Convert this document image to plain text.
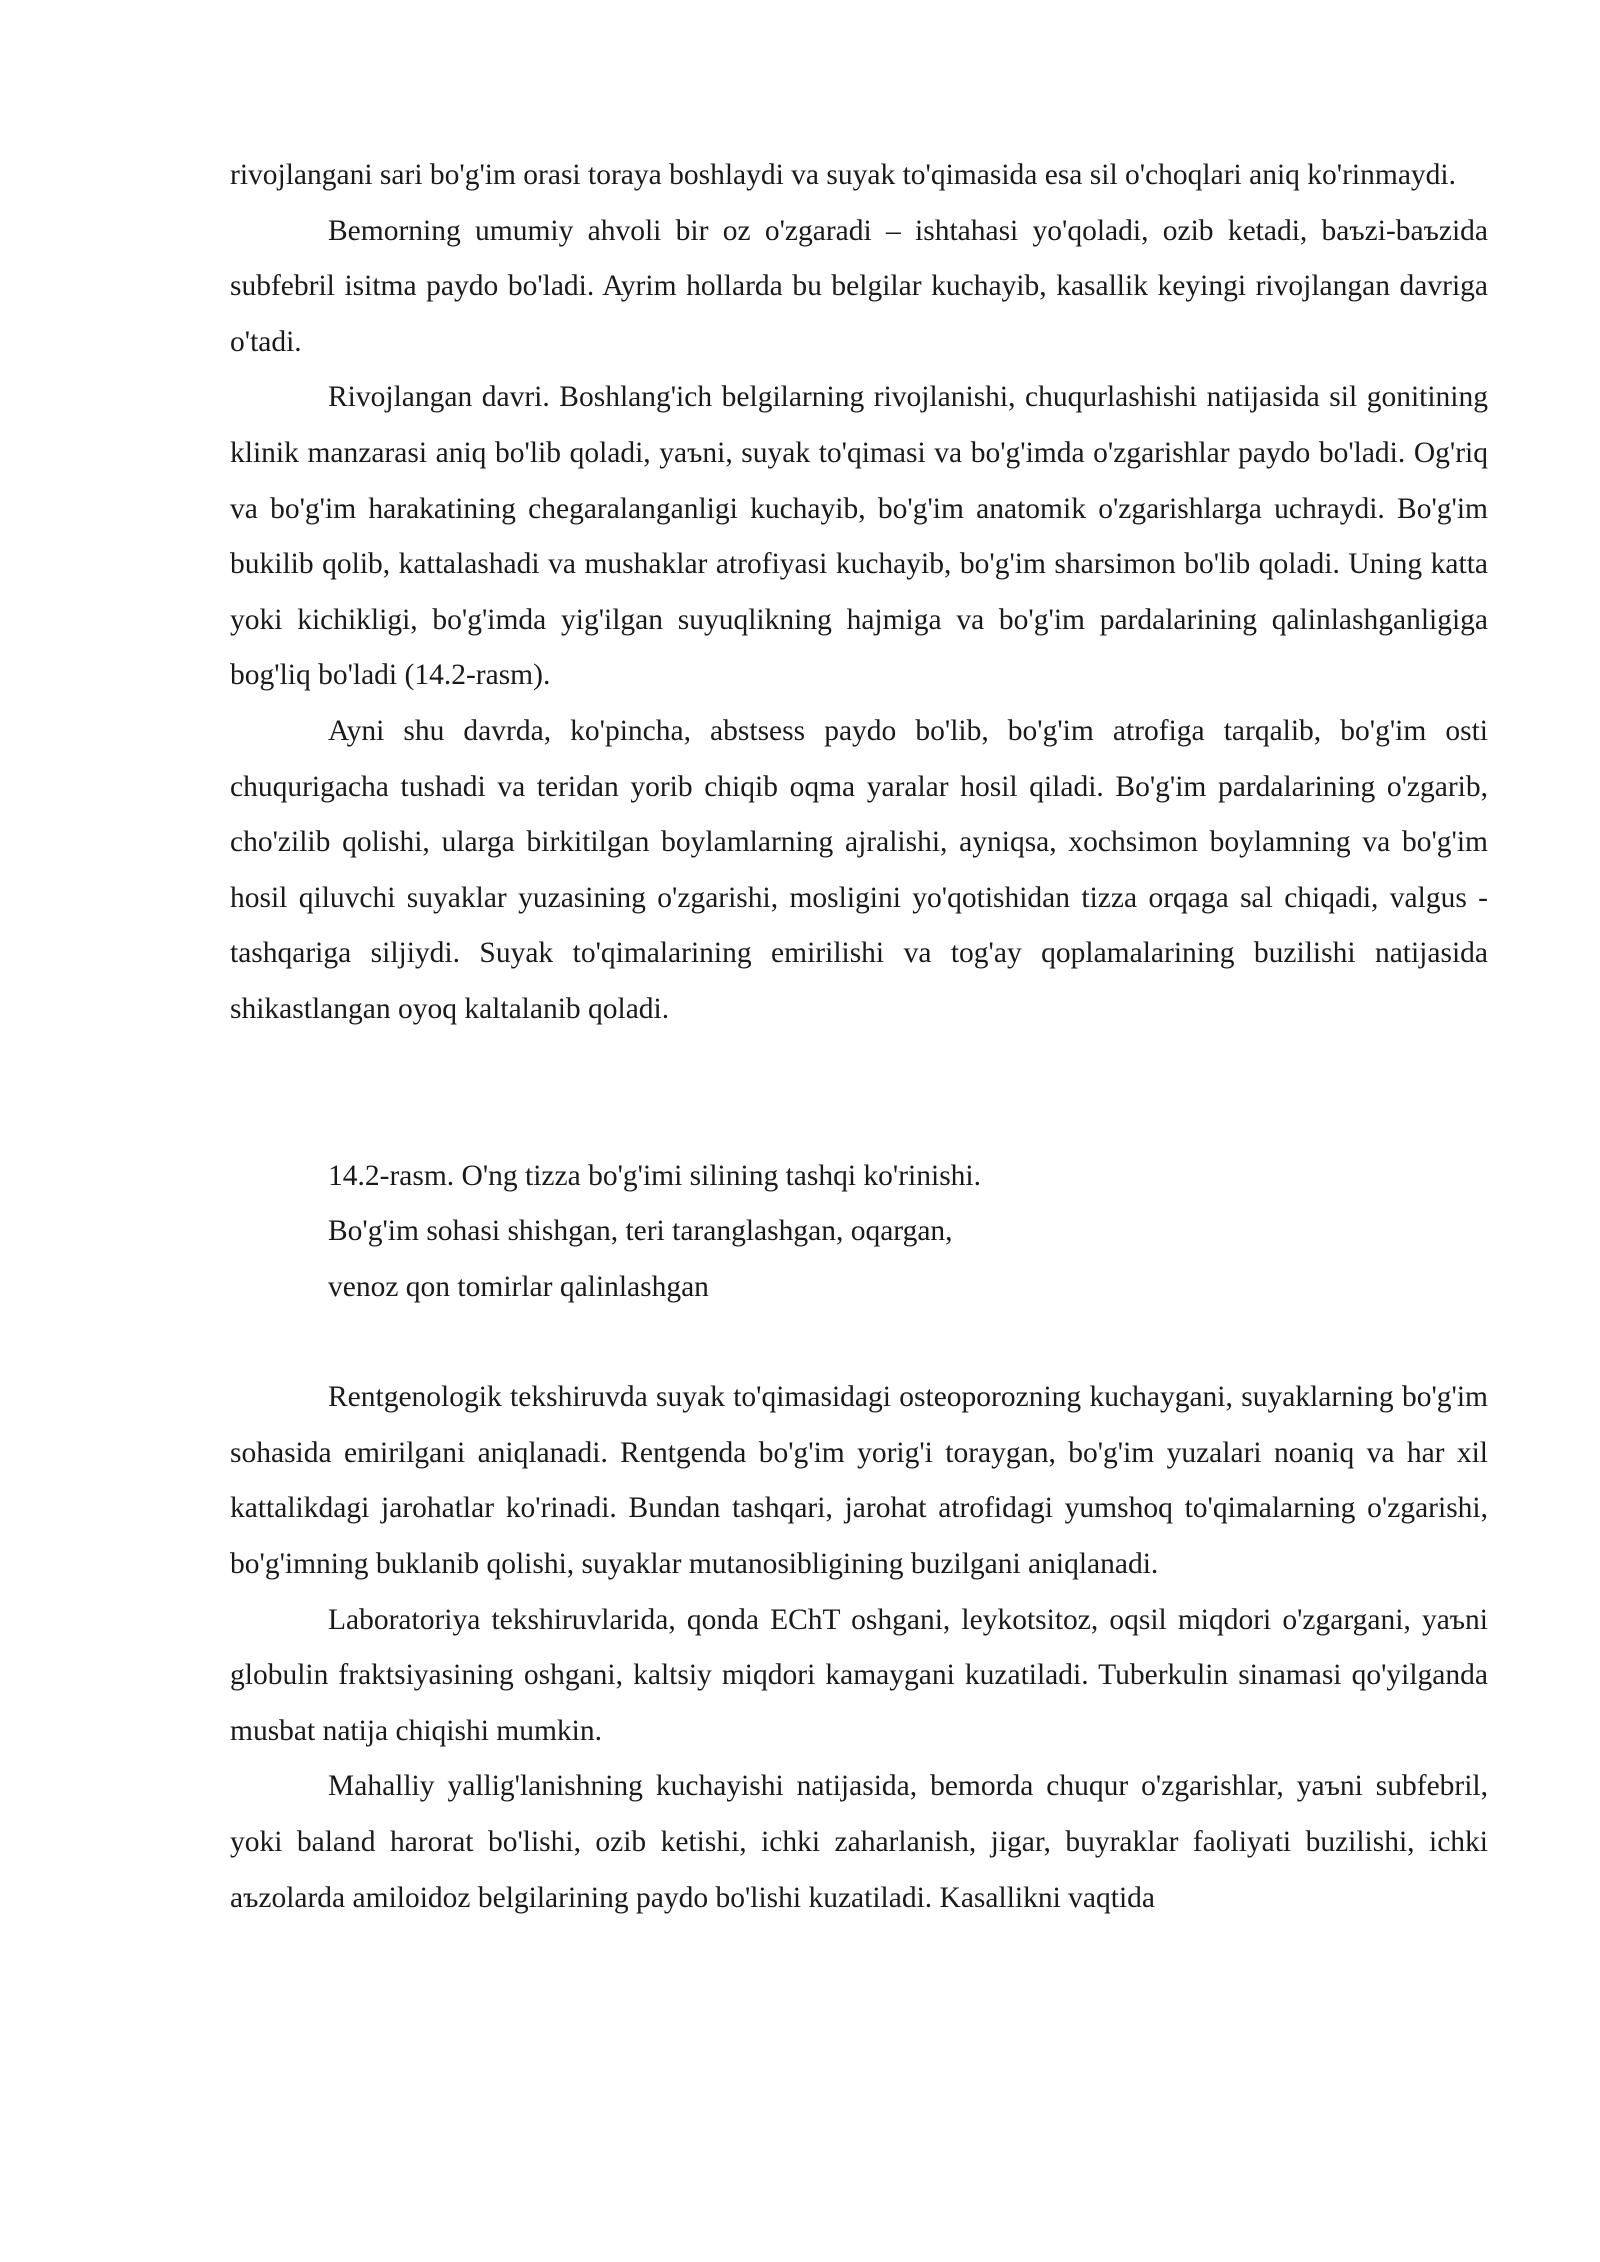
rivojlangani sari bo'g'im orasi toraya boshlaydi va suyak to'qimasida esa sil o'choqlari aniq ko'rinmaydi.

Bemorning umumiy ahvoli bir oz o'zgaradi – ishtahasi yo'qoladi, ozib ketadi, baъzi-baъzida subfebril isitma paydo bo'ladi. Ayrim hollarda bu belgilar kuchayib, kasallik keyingi rivojlangan davriga o'tadi.

Rivojlangan davri. Boshlang'ich belgilarning rivojlanishi, chuqurlashishi natijasida sil gonitining klinik manzarasi aniq bo'lib qoladi, yaъni, suyak to'qimasi va bo'g'imda o'zgarishlar paydo bo'ladi. Og'riq va bo'g'im harakatining chegaralanganligi kuchayib, bo'g'im anatomik o'zgarishlarga uchraydi. Bo'g'im bukilib qolib, kattalashadi va mushaklar atrofiyasi kuchayib, bo'g'im sharsimon bo'lib qoladi. Uning katta yoki kichikligi, bo'g'imda yig'ilgan suyuqlikning hajmiga va bo'g'im pardalarining qalinlashganligiga bog'liq bo'ladi (14.2-rasm).

Ayni shu davrda, ko'pincha, abstsess paydo bo'lib, bo'g'im atrofiga tarqalib, bo'g'im osti chuqurigacha tushadi va teridan yorib chiqib oqma yaralar hosil qiladi. Bo'g'im pardalarining o'zgarib, cho'zilib qolishi, ularga birkitilgan boylamlarning ajralishi, ayniqsa, xochsimon boylamning va bo'g'im hosil qiluvchi suyaklar yuzasining o'zgarishi, mosligini yo'qotishidan tizza orqaga sal chiqadi, valgus - tashqariga siljiydi. Suyak to'qimalarining emirilishi va tog'ay qoplamalarining buzilishi natijasida shikastlangan oyoq kaltalanib qoladi.

14.2-rasm. O'ng tizza bo'g'imi silining tashqi ko'rinishi.
Bo'g'im sohasi shishgan, teri taranglashgan, oqargan,
venoz qon tomirlar qalinlashgan

Rentgenologik tekshiruvda suyak to'qimasidagi osteoporozning kuchaygani, suyaklarning bo'g'im sohasida emirilgani aniqlanadi. Rentgenda bo'g'im yorig'i toraygan, bo'g'im yuzalari noaniq va har xil kattalikdagi jarohatlar ko'rinadi. Bundan tashqari, jarohat atrofidagi yumshoq to'qimalarning o'zgarishi, bo'g'imning buklanib qolishi, suyaklar mutanosibligining buzilgani aniqlanadi.

Laboratoriya tekshiruvlarida, qonda EChT oshgani, leykotsitoz, oqsil miqdori o'zgargani, yaъni globulin fraktsiyasining oshgani, kaltsiy miqdori kamaygani kuzatiladi. Tuberkulin sinamasi qo'yilganda musbat natija chiqishi mumkin.

Mahalliy yallig'lanishning kuchayishi natijasida, bemorda chuqur o'zgarishlar, yaъni subfebril, yoki baland harorat bo'lishi, ozib ketishi, ichki zaharlanish, jigar, buyraklar faoliyati buzilishi, ichki aъzolarda amiloidoz belgilarining paydo bo'lishi kuzatiladi. Kasallikni vaqtida
